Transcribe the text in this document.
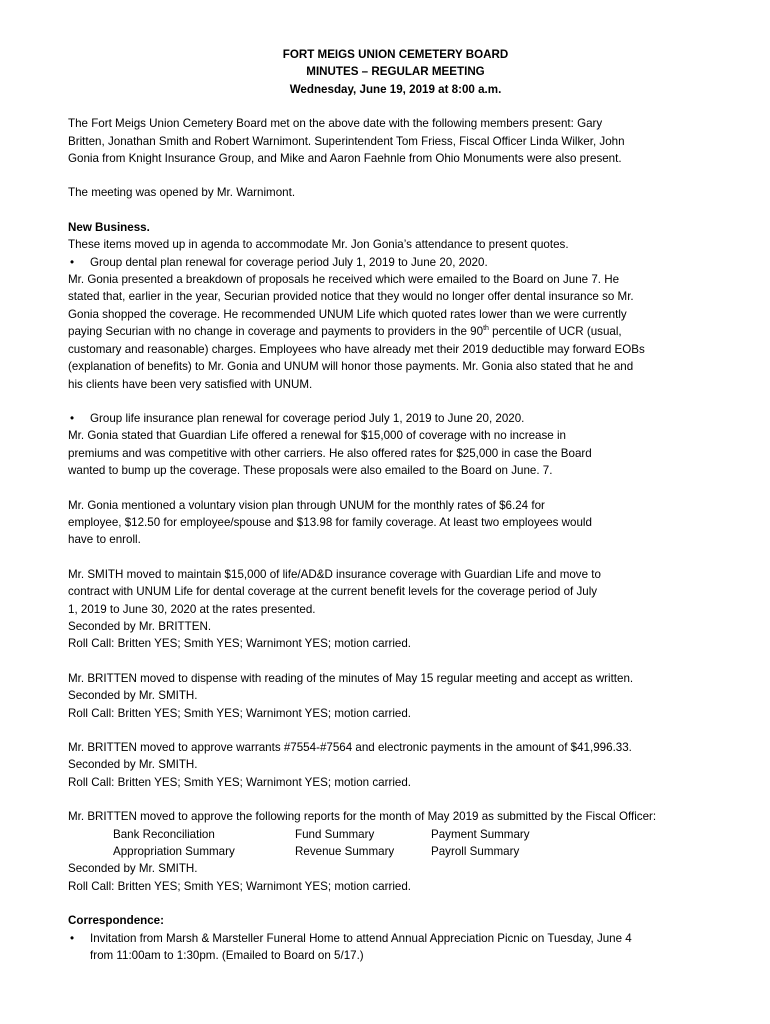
FORT MEIGS UNION CEMETERY BOARD
MINUTES – REGULAR MEETING
Wednesday, June 19, 2019 at 8:00 a.m.

The Fort Meigs Union Cemetery Board met on the above date with the following members present: Gary
Britten, Jonathan Smith and Robert Warnimont. Superintendent Tom Friess, Fiscal Officer Linda Wilker, John
Gonia from Knight Insurance Group, and Mike and Aaron Faehnle from Ohio Monuments were also present.

The meeting was opened by Mr. Warnimont.

New Business.
These items moved up in agenda to accommodate Mr. Jon Gonia’s attendance to present quotes.
• Group dental plan renewal for coverage period July 1, 2019 to June 20, 2020.
Mr. Gonia presented a breakdown of proposals he received which were emailed to the Board on June 7. He
stated that, earlier in the year, Securian provided notice that they would no longer offer dental insurance so Mr.
Gonia shopped the coverage. He recommended UNUM Life which quoted rates lower than we were currently
paying Securian with no change in coverage and payments to providers in the 90th percentile of UCR (usual,
customary and reasonable) charges. Employees who have already met their 2019 deductible may forward EOBs
(explanation of benefits) to Mr. Gonia and UNUM will honor those payments. Mr. Gonia also stated that he and
his clients have been very satisfied with UNUM.

• Group life insurance plan renewal for coverage period July 1, 2019 to June 20, 2020.
Mr. Gonia stated that Guardian Life offered a renewal for $15,000 of coverage with no increase in
premiums and was competitive with other carriers. He also offered rates for $25,000 in case the Board
wanted to bump up the coverage. These proposals were also emailed to the Board on June. 7.

Mr. Gonia mentioned a voluntary vision plan through UNUM for the monthly rates of $6.24 for
employee, $12.50 for employee/spouse and $13.98 for family coverage. At least two employees would
have to enroll.

Mr. SMITH moved to maintain $15,000 of life/AD&D insurance coverage with Guardian Life and move to
contract with UNUM Life for dental coverage at the current benefit levels for the coverage period of July
1, 2019 to June 30, 2020 at the rates presented.
Seconded by Mr. BRITTEN.
Roll Call: Britten YES; Smith YES; Warnimont YES; motion carried.

Mr. BRITTEN moved to dispense with reading of the minutes of May 15 regular meeting and accept as written.
Seconded by Mr. SMITH.
Roll Call: Britten YES; Smith YES; Warnimont YES; motion carried.

Mr. BRITTEN moved to approve warrants #7554-#7564 and electronic payments in the amount of $41,996.33.
Seconded by Mr. SMITH.
Roll Call: Britten YES; Smith YES; Warnimont YES; motion carried.

Mr. BRITTEN moved to approve the following reports for the month of May 2019 as submitted by the Fiscal Officer:
Bank Reconciliation	Fund Summary	Payment Summary
Appropriation Summary	Revenue Summary	Payroll Summary
Seconded by Mr. SMITH.
Roll Call: Britten YES; Smith YES; Warnimont YES; motion carried.

Correspondence:
• Invitation from Marsh & Marsteller Funeral Home to attend Annual Appreciation Picnic on Tuesday, June 4
from 11:00am to 1:30pm. (Emailed to Board on 5/17.)
